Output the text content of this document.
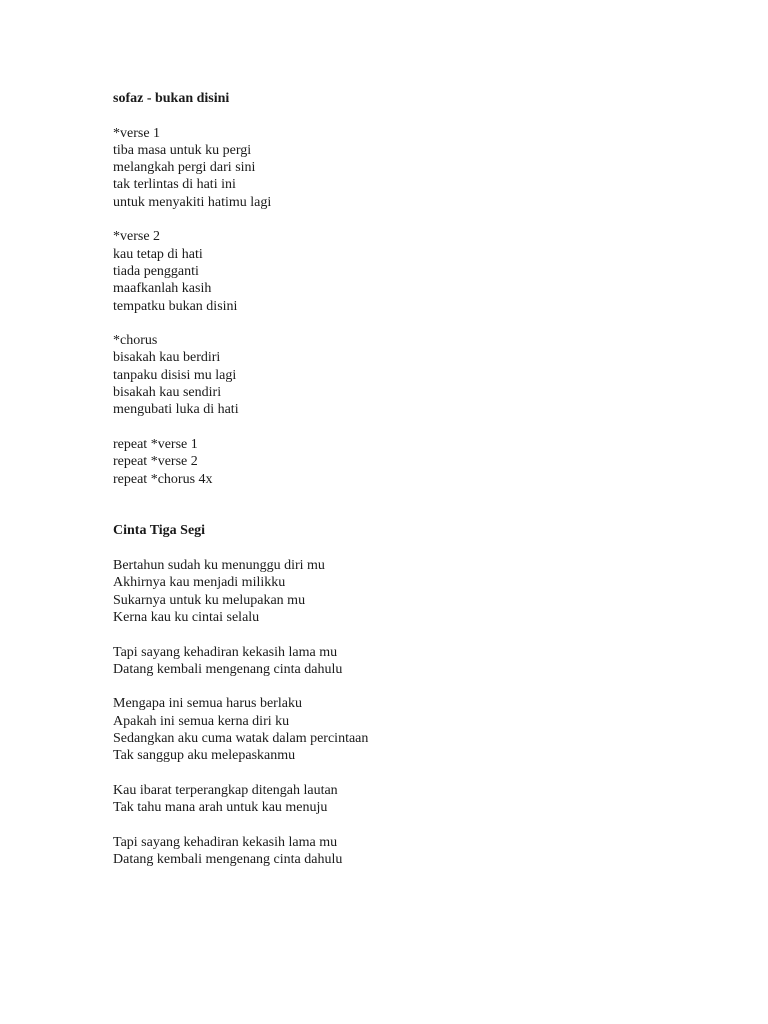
sofaz - bukan disini
*verse 1
tiba masa untuk ku pergi
melangkah pergi dari sini
tak terlintas di hati ini
untuk menyakiti hatimu lagi
*verse 2
kau tetap di hati
tiada pengganti
maafkanlah kasih
tempatku bukan disini
*chorus
bisakah kau berdiri
tanpaku disisi mu lagi
bisakah kau sendiri
mengubati luka di hati
repeat *verse 1
repeat *verse 2
repeat *chorus 4x
Cinta Tiga Segi
Bertahun sudah ku menunggu diri mu
Akhirnya kau menjadi milikku
Sukarnya untuk ku melupakan mu
Kerna kau ku cintai selalu
Tapi sayang kehadiran kekasih lama mu
Datang kembali mengenang cinta dahulu
Mengapa ini semua harus berlaku
Apakah ini semua kerna diri ku
Sedangkan aku cuma watak dalam percintaan
Tak sanggup aku melepaskanmu
Kau ibarat terperangkap ditengah lautan
Tak tahu mana arah untuk kau menuju
Tapi sayang kehadiran kekasih lama mu
Datang kembali mengenang cinta dahulu
